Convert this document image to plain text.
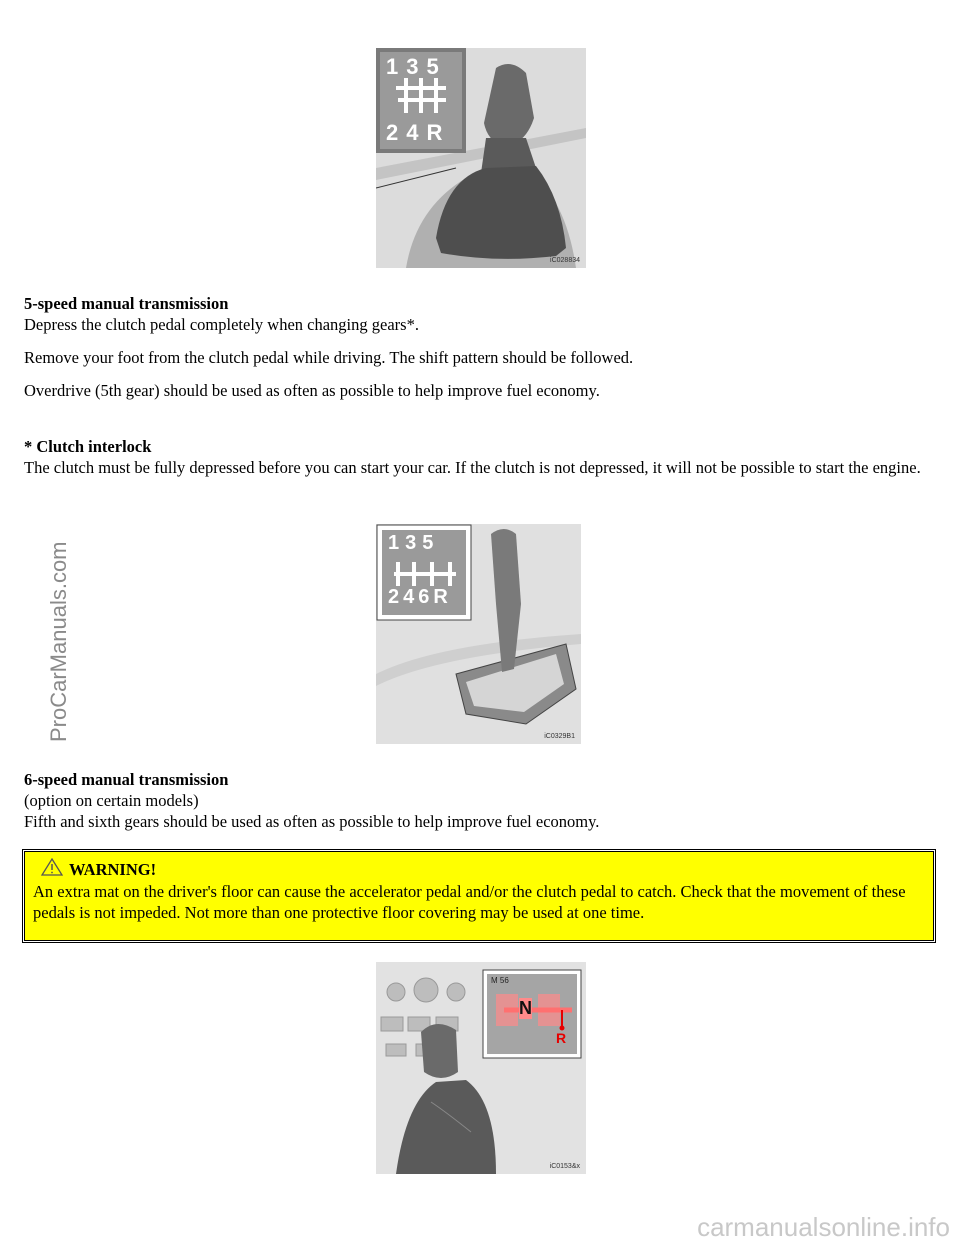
135
24R
iC028834

5-speed manual transmission

Depress the clutch pedal completely when changing gears*.

Remove your foot from the clutch pedal while driving. The shift pattern should be followed.

Overdrive (5th gear) should be used as often as possible to help improve fuel economy.

* Clutch interlock

The clutch must be fully depressed before you can start your car. If the clutch is not depressed, it will not be possible to start the engine.

135
246R
iC0329B1

6-speed manual transmission

(option on certain models)

Fifth and sixth gears should be used as often as possible to help improve fuel economy.

WARNING!
An extra mat on the driver's floor can cause the accelerator pedal and/or the clutch pedal to catch. Check that the movement of these pedals is not impeded. Not more than one protective floor covering may be used at one time.
M 56
N
R
iC0153&x
ProCarManuals.com
carmanualsonline.info
